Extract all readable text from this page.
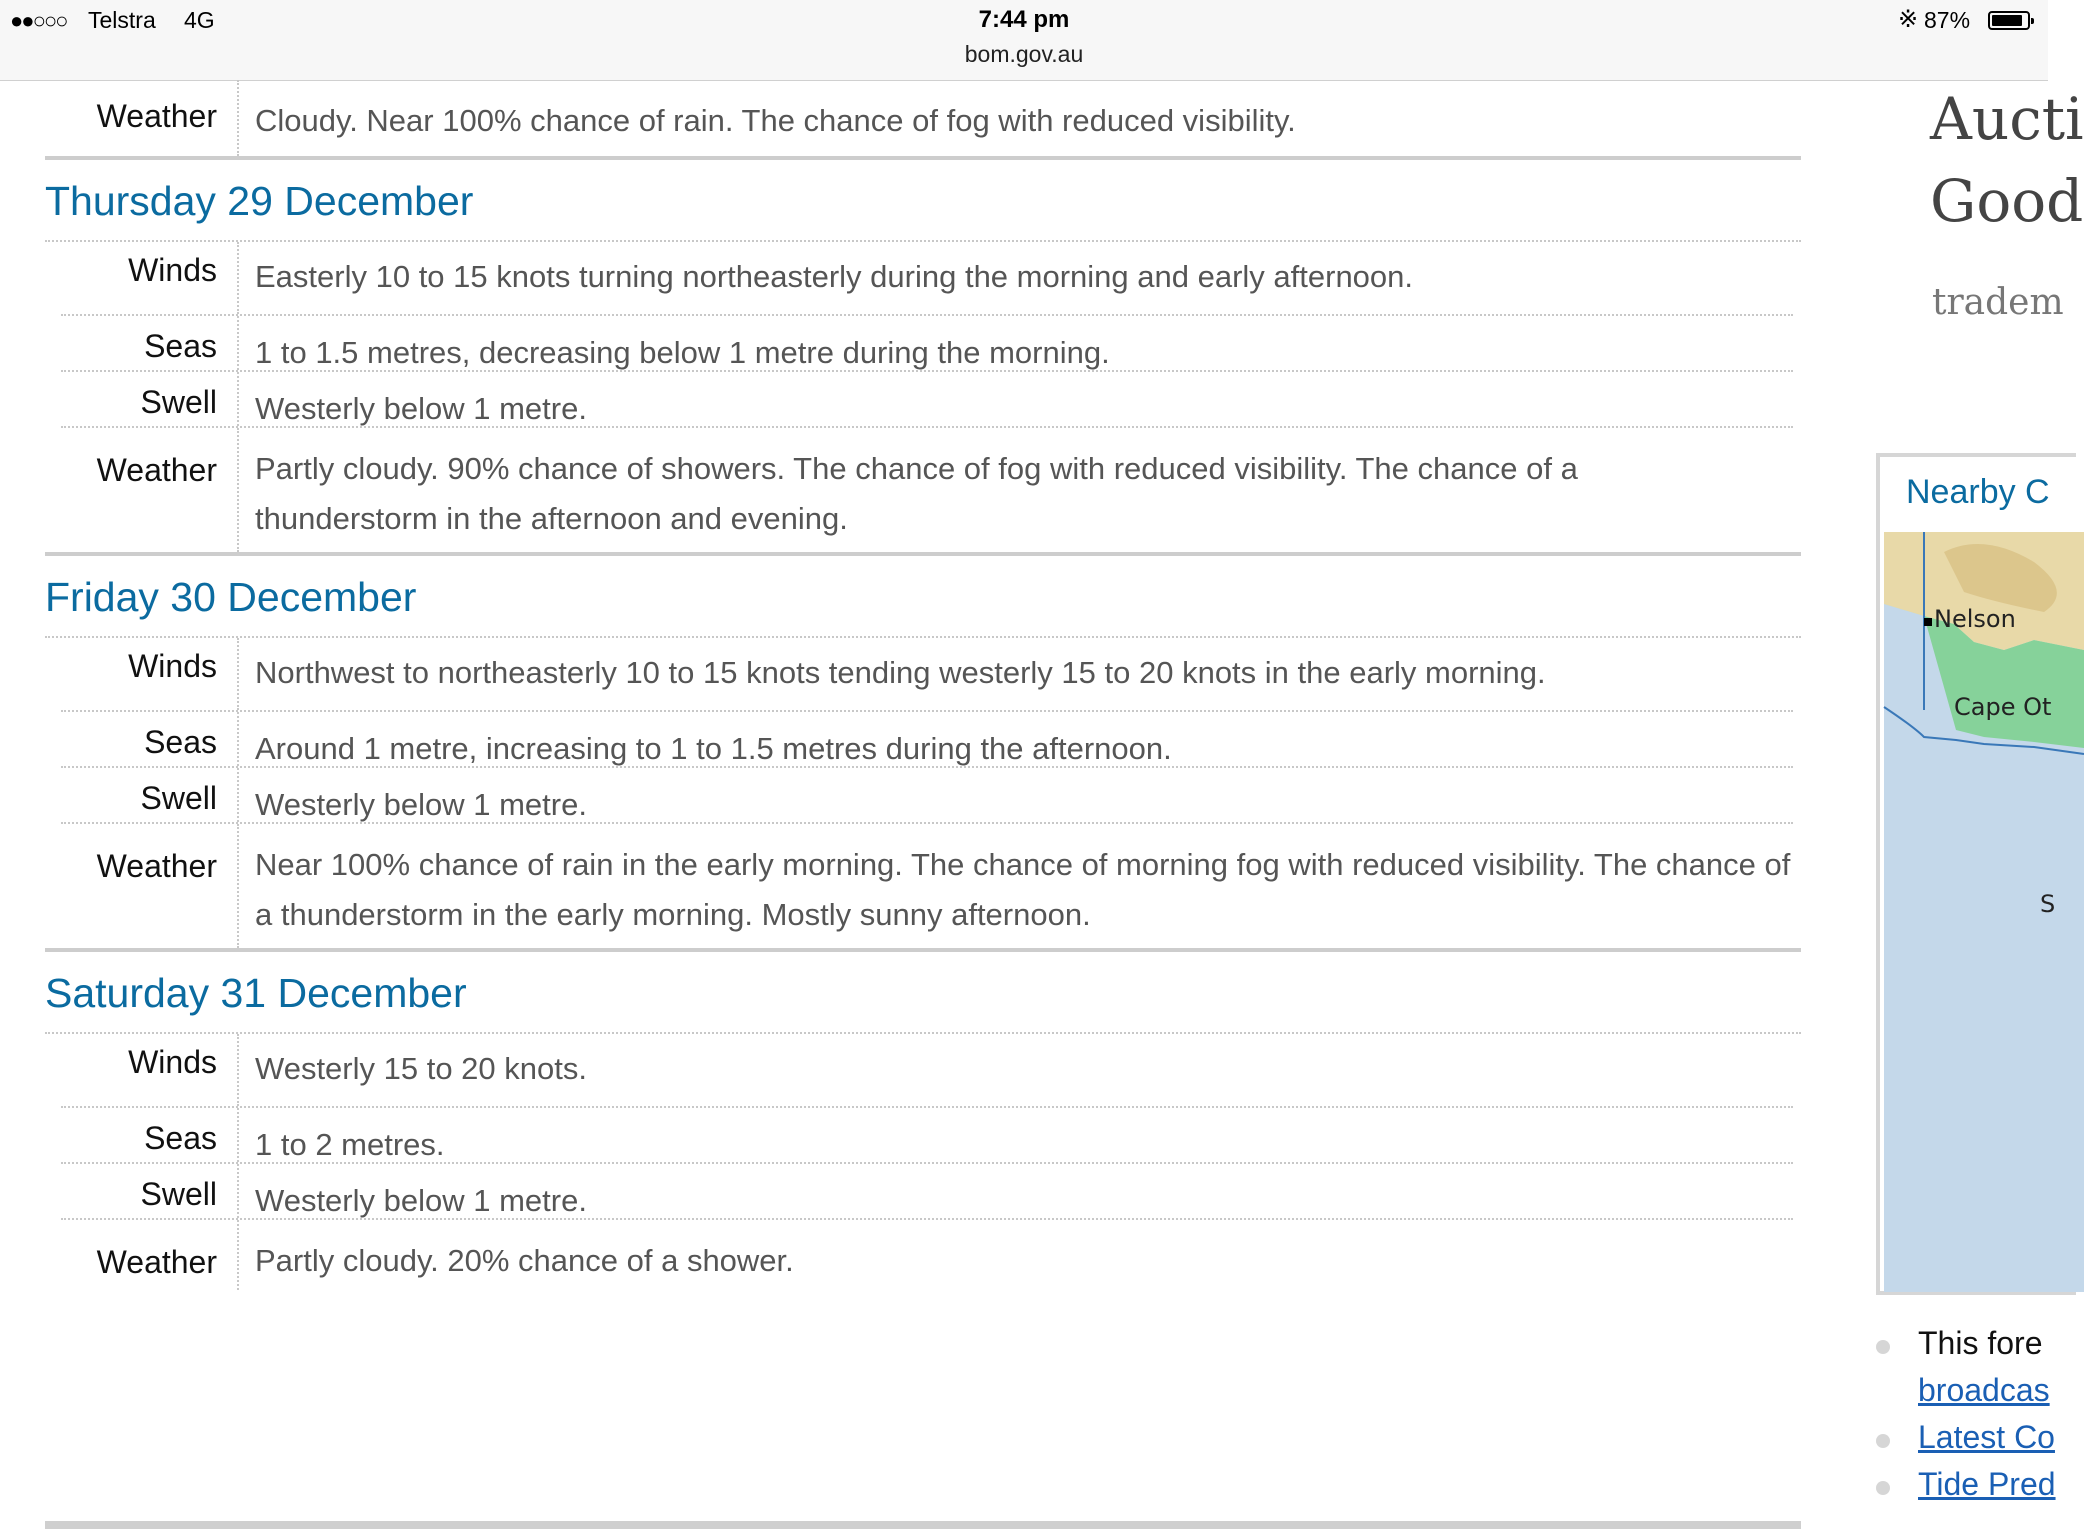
●●○○○ Telstra 4G	7:44 pm
bom.gov.au
※ 87%
Weather	Cloudy. Near 100% chance of rain. The chance of fog with reduced visibility.
Thursday 29 December
Winds	Easterly 10 to 15 knots turning northeasterly during the morning and early afternoon.
Seas	1 to 1.5 metres, decreasing below 1 metre during the morning.
Swell	Westerly below 1 metre.
Weather	Partly cloudy. 90% chance of showers. The chance of fog with reduced visibility. The chance of a thunderstorm in the afternoon and evening.
Friday 30 December
Winds	Northwest to northeasterly 10 to 15 knots tending westerly 15 to 20 knots in the early morning.
Seas	Around 1 metre, increasing to 1 to 1.5 metres during the afternoon.
Swell	Westerly below 1 metre.
Weather	Near 100% chance of rain in the early morning. The chance of morning fog with reduced visibility. The chance of a thunderstorm in the early morning. Mostly sunny afternoon.
Saturday 31 December
Winds	Westerly 15 to 20 knots.
Seas	1 to 2 metres.
Swell	Westerly below 1 metre.
Weather	Partly cloudy. 20% chance of a shower.
Aucti
Good
tradem
Nearby C
Nelson
Cape Ot
S
This fore
broadcas
Latest Co
Tide Pred
